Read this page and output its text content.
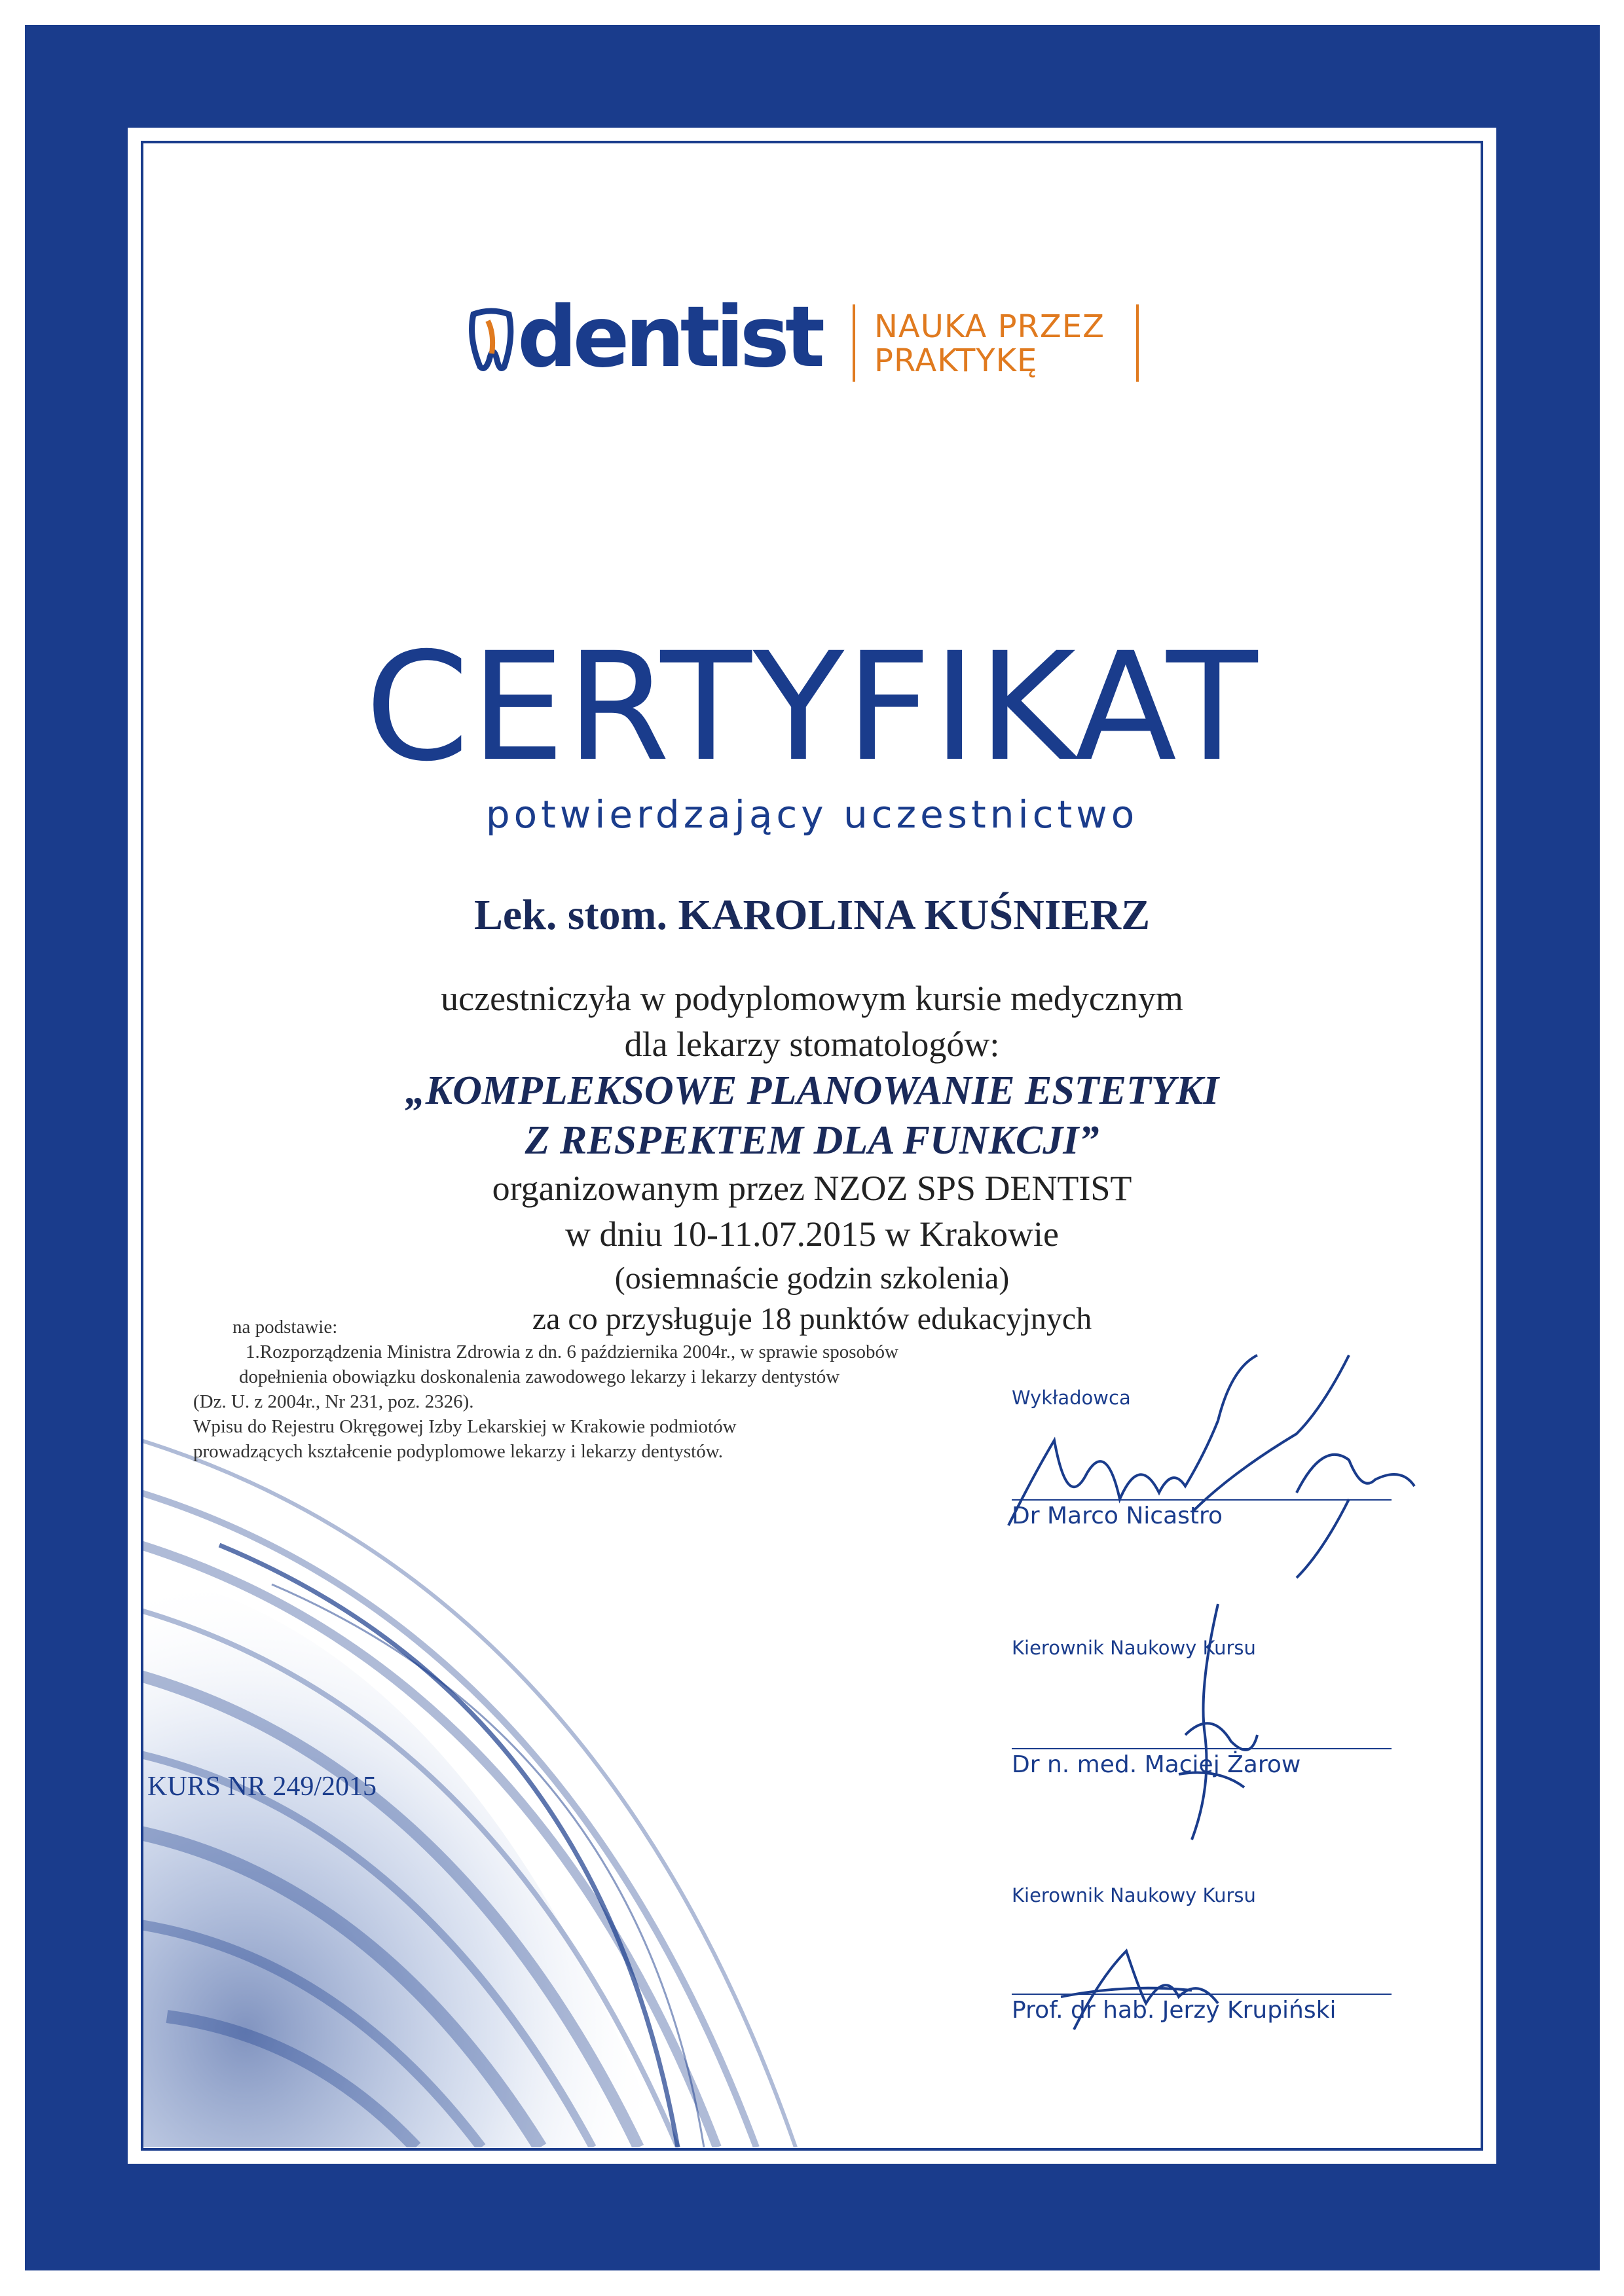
dentist NAUKA PRZEZ
PRAKTYKĘ
CERTYFIKAT
potwierdzający uczestnictwo
Lek. stom. KAROLINA KUŚNIERZ
uczestniczyła w podyplomowym kursie medycznym
dla lekarzy stomatologów:
„KOMPLEKSOWE PLANOWANIE ESTETYKI
Z RESPEKTEM DLA FUNKCJI”
organizowanym przez NZOZ SPS DENTIST
w dniu 10-11.07.2015 w Krakowie
(osiemnaście godzin szkolenia)
za co przysługuje 18 punktów edukacyjnych
na podstawie:
1.Rozporządzenia Ministra Zdrowia z dn. 6 października 2004r., w sprawie sposobów
dopełnienia obowiązku doskonalenia zawodowego lekarzy i lekarzy dentystów
(Dz. U. z 2004r., Nr 231, poz. 2326).
Wpisu do Rejestru Okręgowej Izby Lekarskiej w Krakowie podmiotów
prowadzących kształcenie podyplomowe lekarzy i lekarzy dentystów.
Wykładowca
Dr Marco Nicastro
Kierownik Naukowy Kursu
Dr n. med. Maciej Żarow
Kierownik Naukowy Kursu
Prof. dr hab. Jerzy Krupiński
KURS NR 249/2015
